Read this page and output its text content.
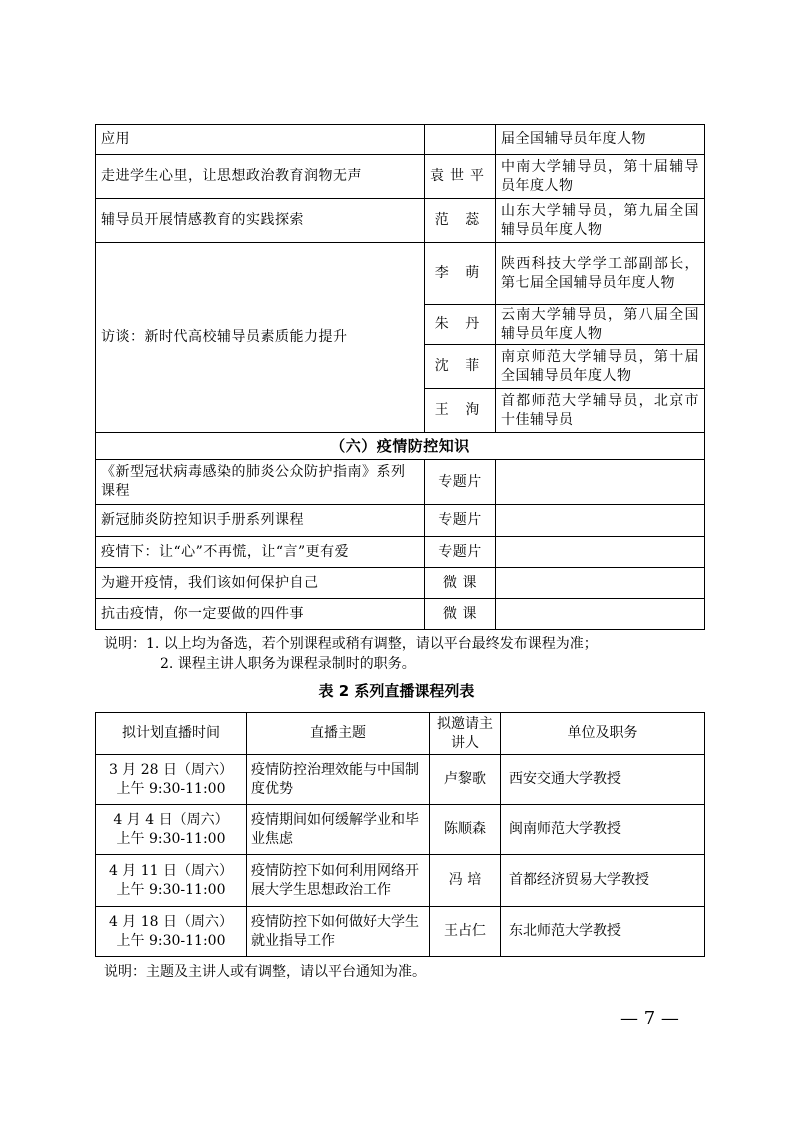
应用		届全国辅导员年度人物
走进学生心里，让思想政治教育润物无声	袁世平	中南大学辅导员，第十届辅导员年度人物
辅导员开展情感教育的实践探索	范 蕊	山东大学辅导员，第九届全国辅导员年度人物
访谈：新时代高校辅导员素质能力提升	李 萌	陕西科技大学学工部副部长，第七届全国辅导员年度人物
	朱 丹	云南大学辅导员，第八届全国辅导员年度人物
	沈 菲	南京师范大学辅导员，第十届全国辅导员年度人物
	王 洵	首都师范大学辅导员，北京市十佳辅导员
（六）疫情防控知识		
《新型冠状病毒感染的肺炎公众防护指南》系列课程	专题片	
新冠肺炎防控知识手册系列课程	专题片	
疫情下：让“心”不再慌，让“言”更有爱	专题片	
为避开疫情，我们该如何保护自己	微 课	
抗击疫情，你一定要做的四件事	微 课	
说明：1. 以上均为备选，若个别课程或稍有调整，请以平台最终发布课程为准；
2. 课程主讲人职务为课程录制时的职务。
表 2 系列直播课程列表
拟计划直播时间	直播主题	拟邀请主讲人	单位及职务

3 月 28 日（周六）
上午 9:30-11:00	疫情防控治理效能与中国制度优势	卢黎歌	西安交通大学教授

4 月 4 日（周六）
上午 9:30-11:00	疫情期间如何缓解学业和毕业焦虑	陈顺森	闽南师范大学教授

4 月 11 日（周六）
上午 9:30-11:00	疫情防控下如何利用网络开展大学生思想政治工作	冯 培	首都经济贸易大学教授

4 月 18 日（周六）
上午 9:30-11:00	疫情防控下如何做好大学生就业指导工作	王占仁	东北师范大学教授
说明：主题及主讲人或有调整，请以平台通知为准。
— 7 —
